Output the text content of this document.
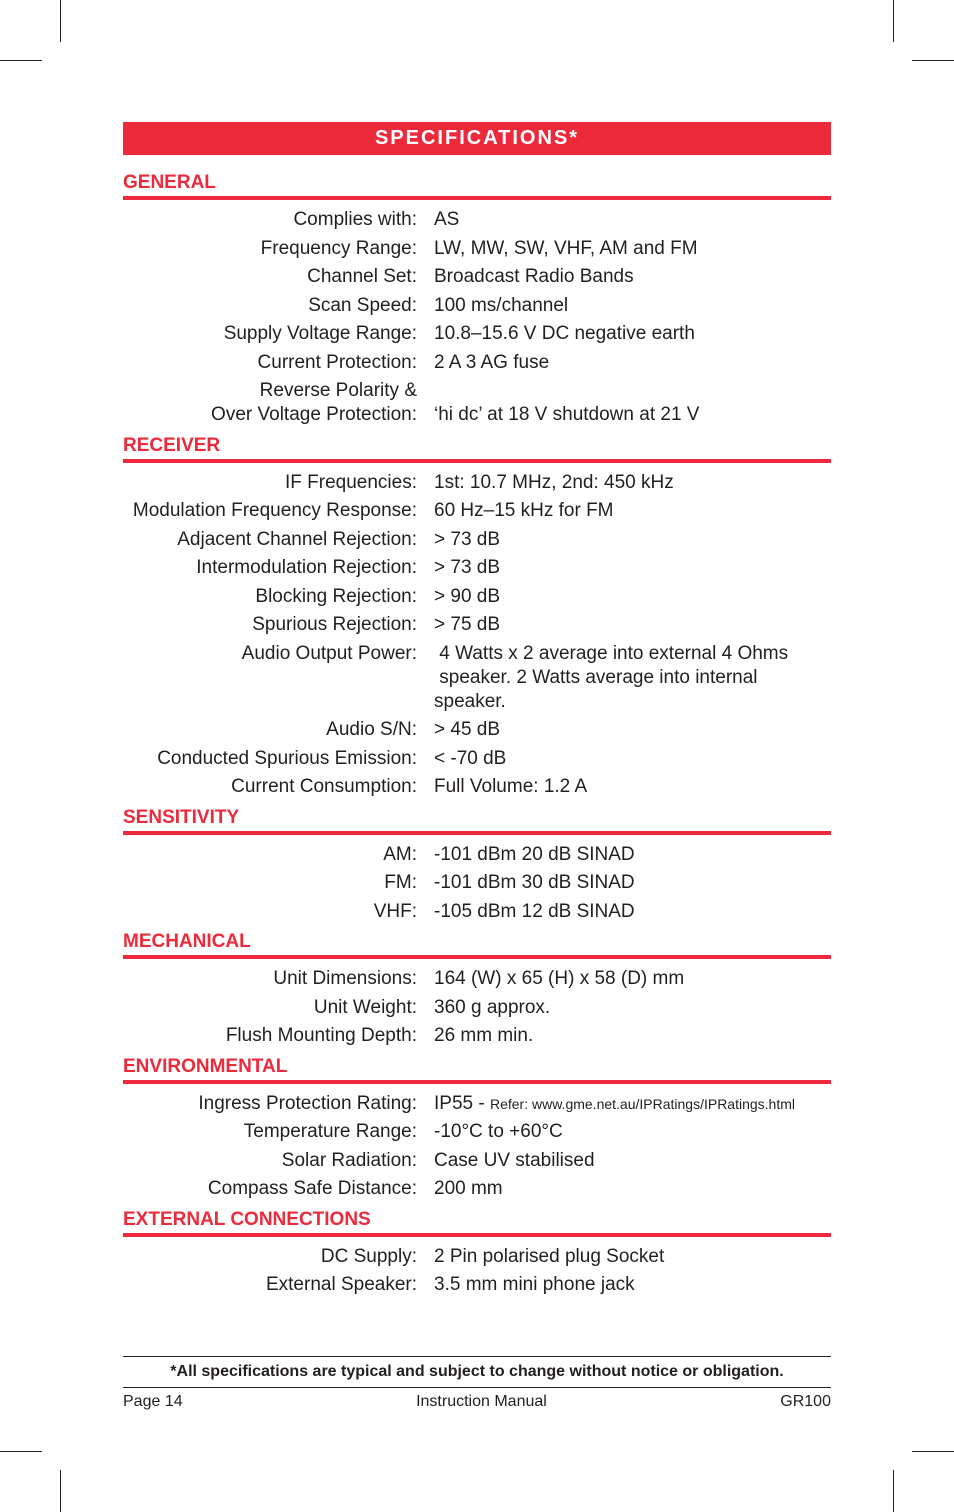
SPECIFICATIONS*
GENERAL
Complies with: AS
Frequency Range: LW, MW, SW, VHF, AM and FM
Channel Set: Broadcast Radio Bands
Scan Speed: 100 ms/channel
Supply Voltage Range: 10.8–15.6 V DC negative earth
Current Protection: 2 A 3 AG fuse
Reverse Polarity &
Over Voltage Protection:
‘hi dc’ at 18 V shutdown at 21 V
RECEIVER
IF Frequencies: 1st: 10.7 MHz, 2nd: 450 kHz
Modulation Frequency Response: 60 Hz–15 kHz for FM
Adjacent Channel Rejection: > 73 dB
Intermodulation Rejection: > 73 dB
Blocking Rejection: > 90 dB
Spurious Rejection: > 75 dB
Audio Output Power:	4 Watts x 2 average into external 4 Ohms
speaker. 2 Watts average into internal speaker.
Audio S/N: > 45 dB
Conducted Spurious Emission: < -70 dB
Current Consumption: Full Volume: 1.2 A
SENSITIVITY
AM: -101 dBm 20 dB SINAD
FM: -101 dBm 30 dB SINAD
VHF: -105 dBm 12 dB SINAD
MECHANICAL
Unit Dimensions: 164 (W) x 65 (H) x 58 (D) mm
Unit Weight: 360 g approx.
Flush Mounting Depth: 26 mm min.
ENVIRONMENTAL
Ingress Protection Rating: IP55 - Refer: www.gme.net.au/IPRatings/IPRatings.html
Temperature Range: -10°C to +60°C
Solar Radiation: Case UV stabilised
Compass Safe Distance: 200 mm
EXTERNAL CONNECTIONS
DC Supply: 2 Pin polarised plug Socket
External Speaker: 3.5 mm mini phone jack
*All specifications are typical and subject to change without notice or obligation.
Page 14	Instruction Manual	GR100
